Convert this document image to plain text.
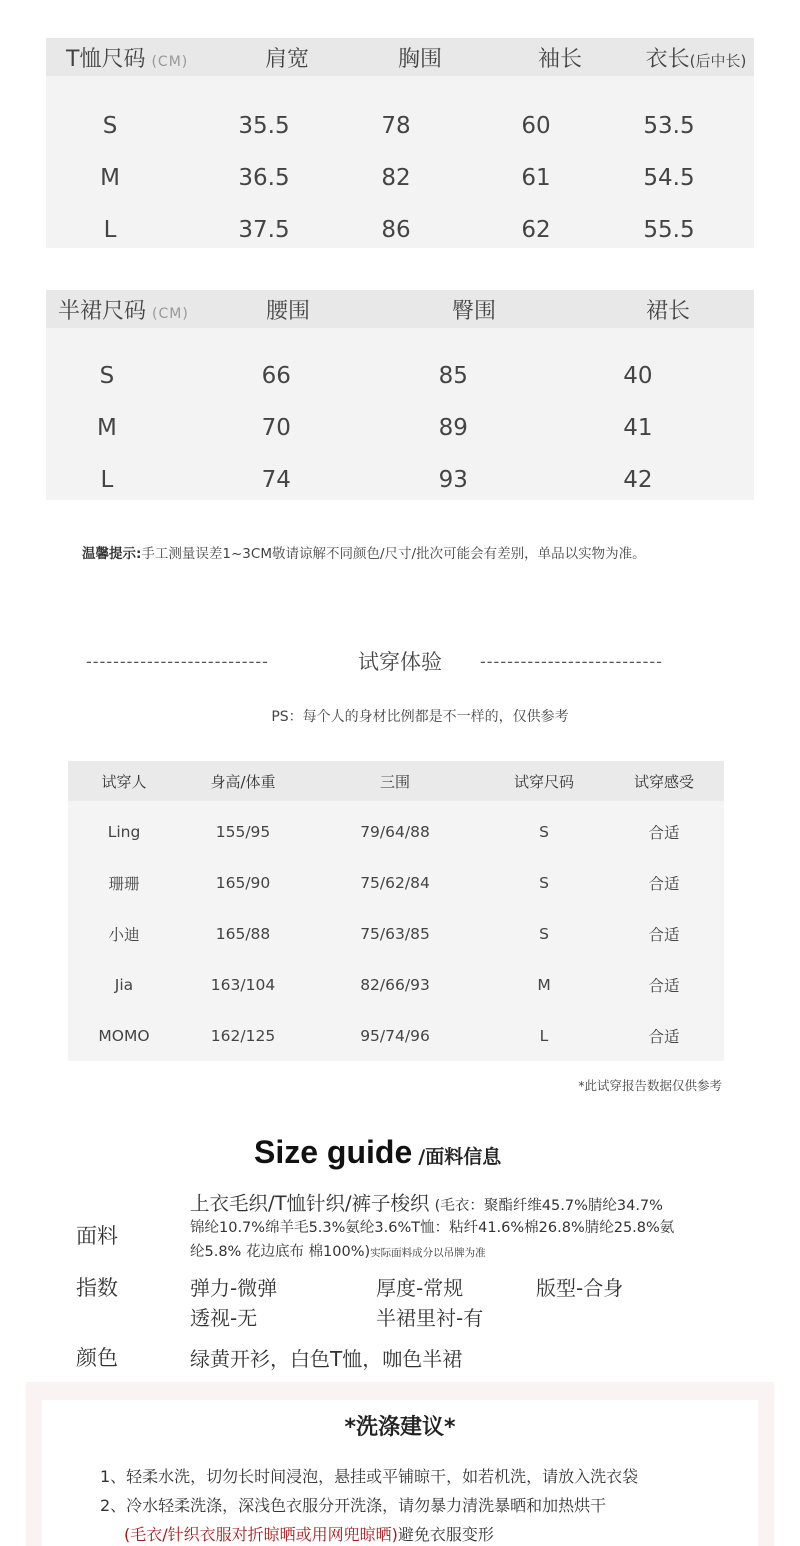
T恤尺码 (CM)	肩宽	胸围	袖长	衣长(后中长)
S	35.5	78	60	53.5
M	36.5	82	61	54.5
L	37.5	86	62	55.5
半裙尺码 (CM)	腰围	臀围	裙长
S	66	85	40
M	70	89	41
L	74	93	42
温馨提示:手工测量误差1~3CM敬请谅解不同颜色/尺寸/批次可能会有差别，单品以实物为准。
---------------------------	试穿体验	---------------------------
PS：每个人的身材比例都是不一样的，仅供参考
试穿人	身高/体重	三围	试穿尺码	试穿感受
Ling	155/95	79/64/88	S	合适
珊珊	165/90	75/62/84	S	合适
小迪	165/88	75/63/85	S	合适
Jia	163/104	82/66/93	M	合适
MOMO	162/125	95/74/96	L	合适
*此试穿报告数据仅供参考
Size guide /面料信息
面料
上衣毛织/T恤针织/裤子梭织 (毛衣：聚酯纤维45.7%腈纶34.7%
锦纶10.7%绵羊毛5.3%氨纶3.6%T恤：粘纤41.6%棉26.8%腈纶25.8%氨
纶5.8% 花边底布 棉100%)实际面料成分以吊牌为准
指数	弹力-微弹	厚度-常规	版型-合身
透视-无	半裙里衬-有
颜色	绿黄开衫，白色T恤，咖色半裙
*洗涤建议*
1、轻柔水洗，切勿长时间浸泡，悬挂或平铺晾干，如若机洗，请放入洗衣袋
2、冷水轻柔洗涤，深浅色衣服分开洗涤，请勿暴力清洗暴晒和加热烘干
(毛衣/针织衣服对折晾晒或用网兜晾晒)避免衣服变形
